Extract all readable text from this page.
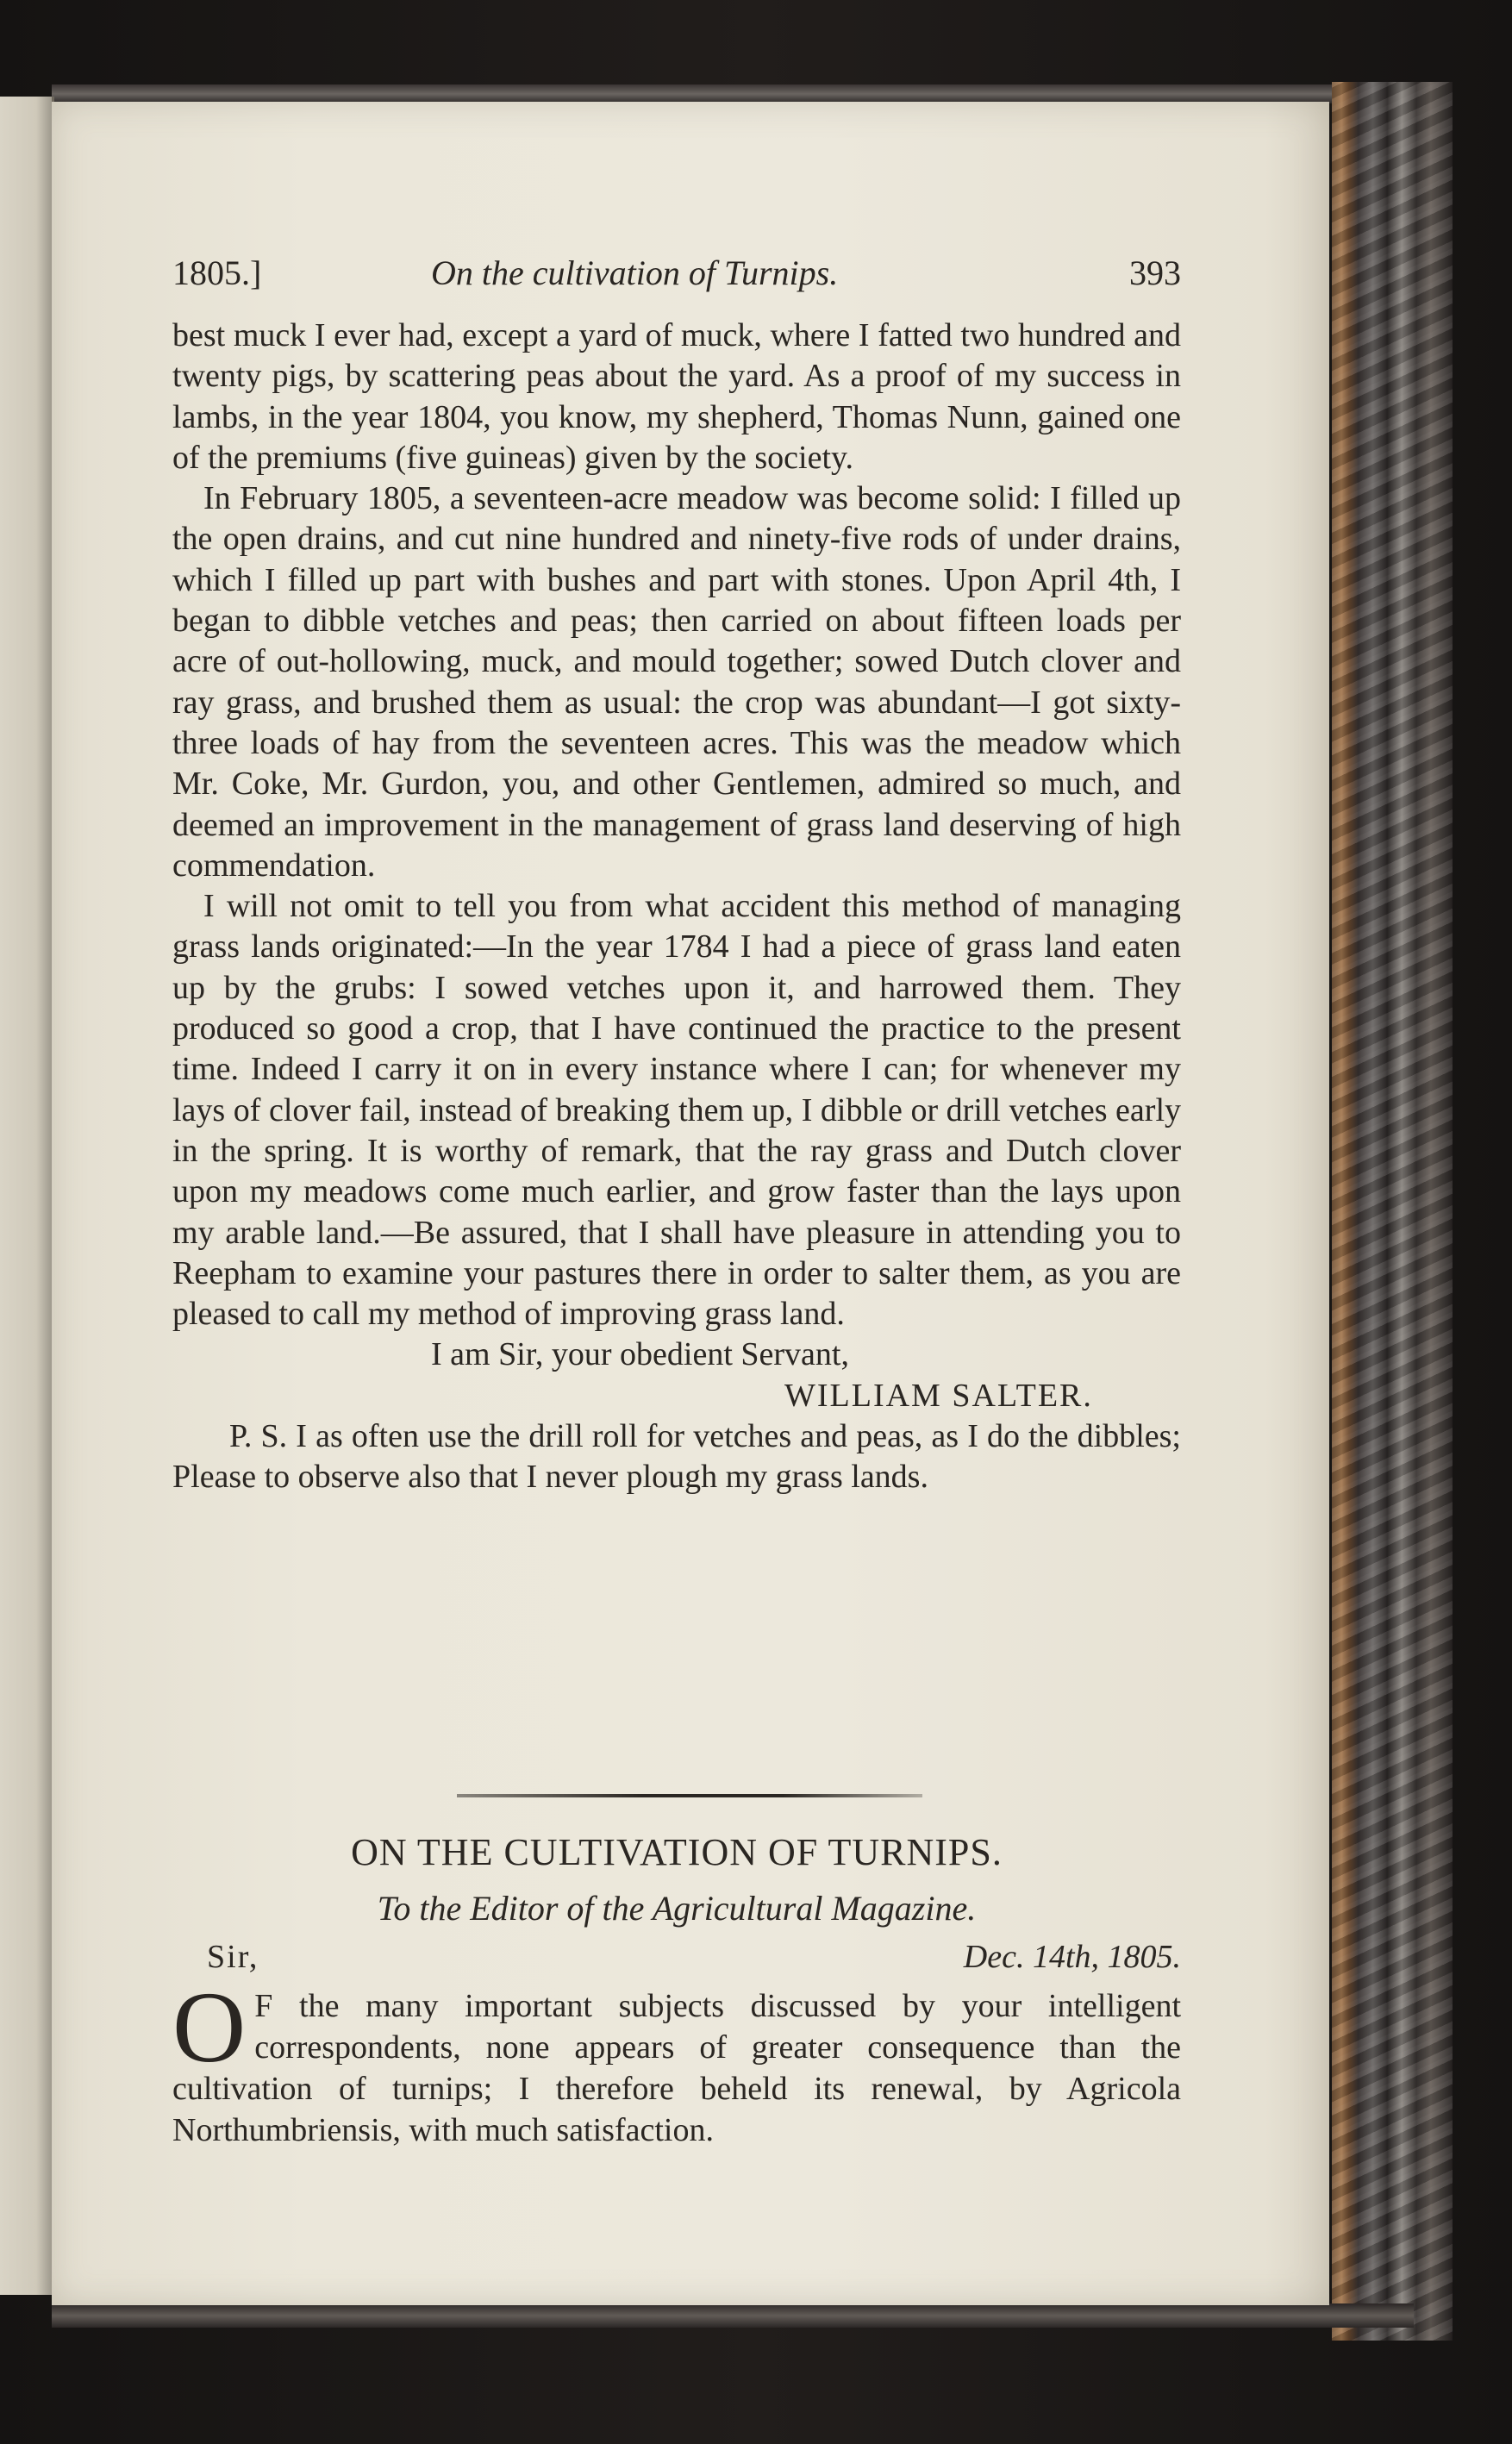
1805.]	On the cultivation of Turnips.	393

best muck I ever had, except a yard of muck, where I fatted two hundred and twenty pigs, by scattering peas about the yard. As a proof of my success in lambs, in the year 1804, you know, my shepherd, Thomas Nunn, gained one of the premiums (five guineas) given by the society.

In February 1805, a seventeen-acre meadow was become solid: I filled up the open drains, and cut nine hundred and ninety-five rods of under drains, which I filled up part with bushes and part with stones. Upon April 4th, I began to dibble vetches and peas; then carried on about fifteen loads per acre of out-hollowing, muck, and mould together; sowed Dutch clover and ray grass, and brushed them as usual: the crop was abundant—I got sixty-three loads of hay from the seventeen acres. This was the meadow which Mr. Coke, Mr. Gurdon, you, and other Gentlemen, admired so much, and deemed an improvement in the management of grass land deserving of high commendation.

I will not omit to tell you from what accident this method of managing grass lands originated:—In the year 1784 I had a piece of grass land eaten up by the grubs: I sowed vetches upon it, and harrowed them. They produced so good a crop, that I have continued the practice to the present time. Indeed I carry it on in every instance where I can; for whenever my lays of clover fail, instead of breaking them up, I dibble or drill vetches early in the spring. It is worthy of remark, that the ray grass and Dutch clover upon my meadows come much earlier, and grow faster than the lays upon my arable land.—Be assured, that I shall have pleasure in attending you to Reepham to examine your pastures there in order to salter them, as you are pleased to call my method of improving grass land.

I am Sir, your obedient Servant,

WILLIAM SALTER.

P. S. I as often use the drill roll for vetches and peas, as I do the dibbles; Please to observe also that I never plough my grass lands.

ON THE CULTIVATION OF TURNIPS.
To the Editor of the Agricultural Magazine.
Sir,	Dec. 14th, 1805.
O F the many important subjects discussed by your intelligent correspondents, none appears of greater consequence than the cultivation of turnips; I therefore beheld its renewal, by Agricola Northumbriensis, with much satisfaction.
